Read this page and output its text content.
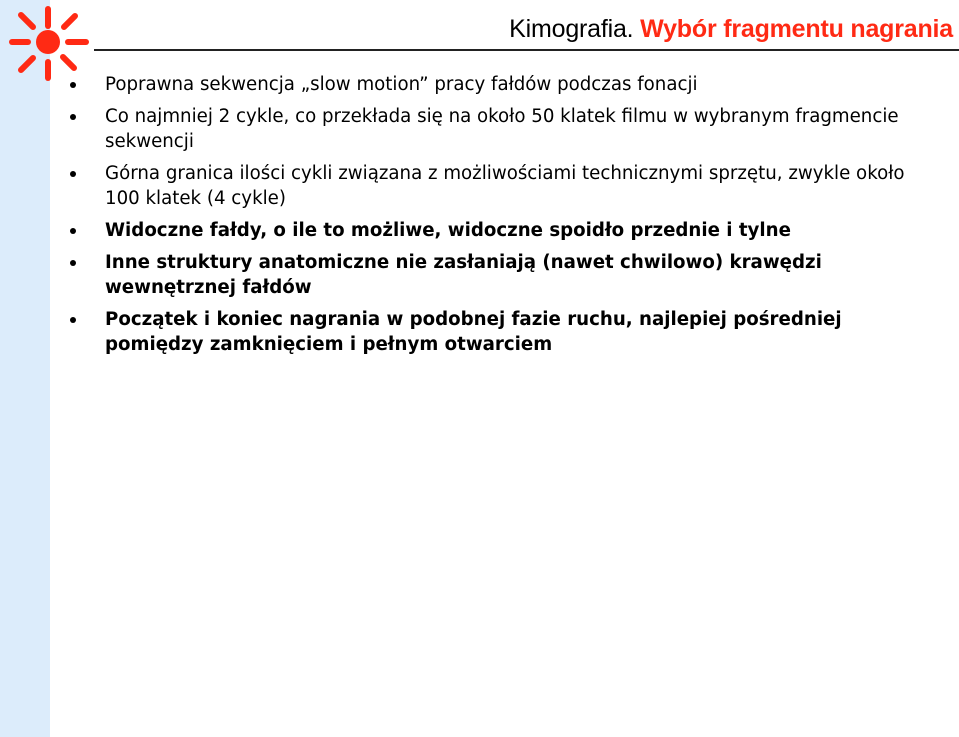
Kimografia. Wybór fragmentu nagrania
Poprawna sekwencja „slow motion” pracy fałdów podczas fonacji
Co najmniej 2 cykle, co przekłada się na około 50 klatek filmu w wybranym fragmencie sekwencji
Górna granica ilości cykli związana z możliwościami technicznymi sprzętu, zwykle około 100 klatek (4 cykle)
Widoczne fałdy, o ile to możliwe, widoczne spoidło przednie i tylne
Inne struktury anatomiczne nie zasłaniają (nawet chwilowo) krawędzi wewnętrznej fałdów
Początek i koniec nagrania w podobnej fazie ruchu, najlepiej pośredniej pomiędzy zamknięciem i pełnym otwarciem
